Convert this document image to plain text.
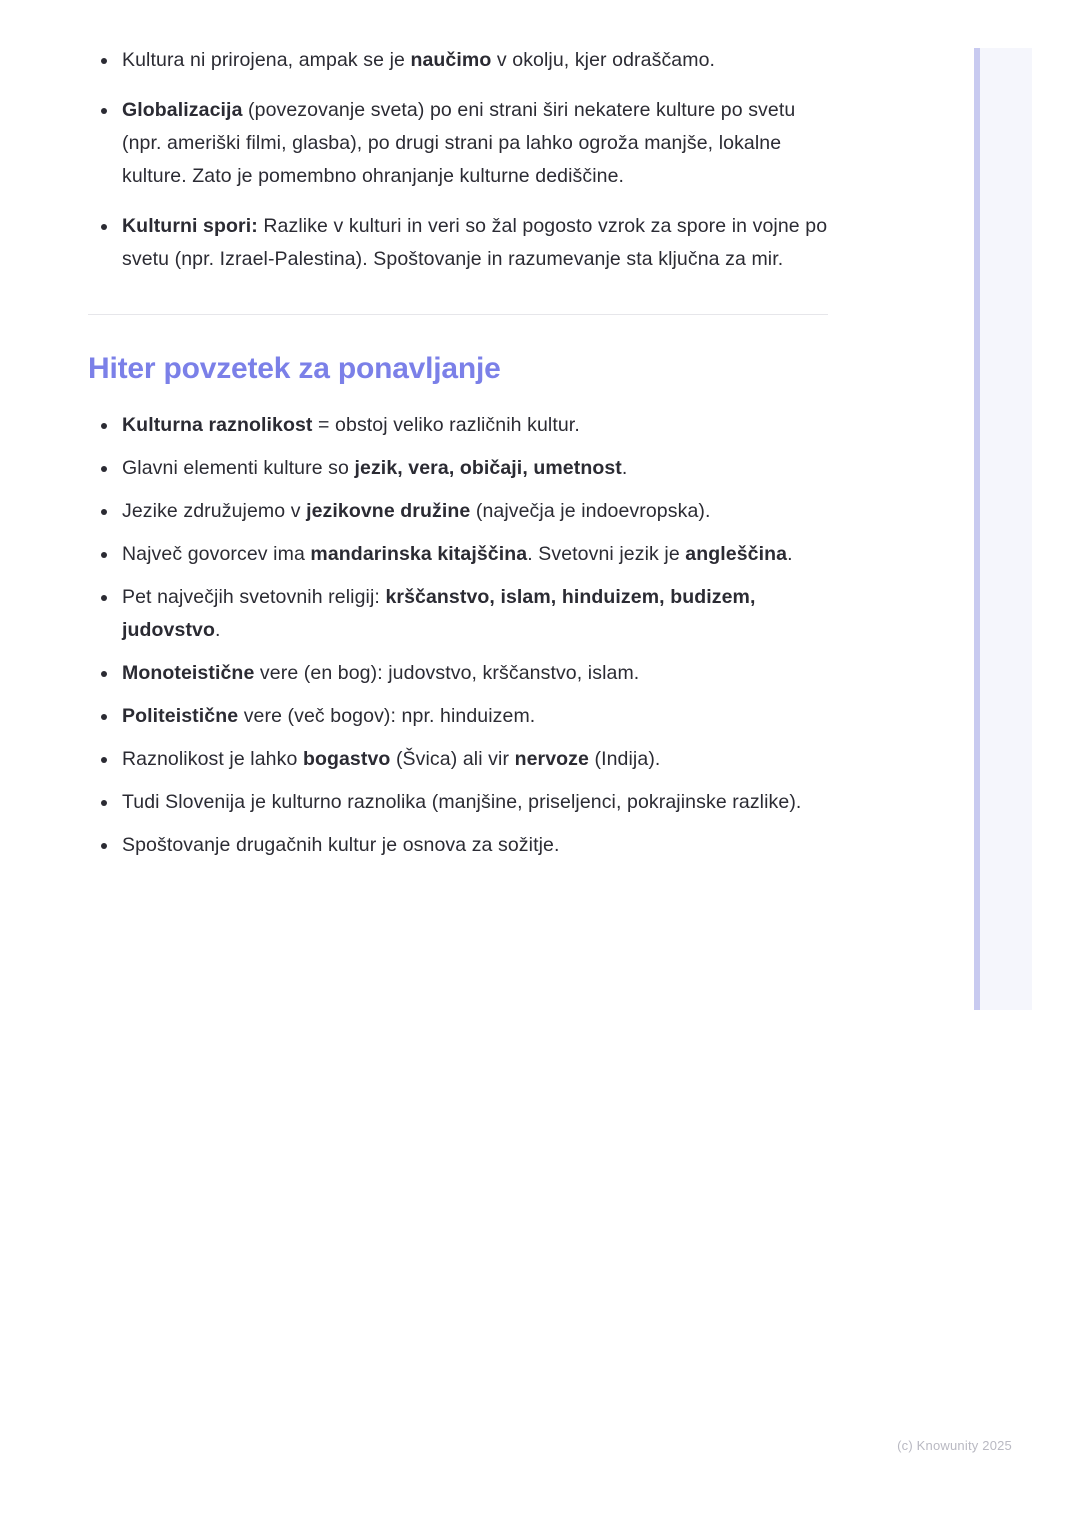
Kultura ni prirojena, ampak se je naučimo v okolju, kjer odraščamo.
Globalizacija (povezovanje sveta) po eni strani širi nekatere kulture po svetu (npr. ameriški filmi, glasba), po drugi strani pa lahko ogroža manjše, lokalne kulture. Zato je pomembno ohranjanje kulturne dediščine.
Kulturni spori: Razlike v kulturi in veri so žal pogosto vzrok za spore in vojne po svetu (npr. Izrael-Palestina). Spoštovanje in razumevanje sta ključna za mir.
Hiter povzetek za ponavljanje
Kulturna raznolikost = obstoj veliko različnih kultur.
Glavni elementi kulture so jezik, vera, običaji, umetnost.
Jezike združujemo v jezikovne družine (največja je indoevropska).
Največ govorcev ima mandarinska kitajščina. Svetovni jezik je angleščina.
Pet največjih svetovnih religij: krščanstvo, islam, hinduizem, budizem, judovstvo.
Monoteistične vere (en bog): judovstvo, krščanstvo, islam.
Politeistične vere (več bogov): npr. hinduizem.
Raznolikost je lahko bogastvo (Švica) ali vir nervoze (Indija).
Tudi Slovenija je kulturno raznolika (manjšine, priseljenci, pokrajinske razlike).
Spoštovanje drugačnih kultur je osnova za sožitje.
(c) Knowunity 2025
